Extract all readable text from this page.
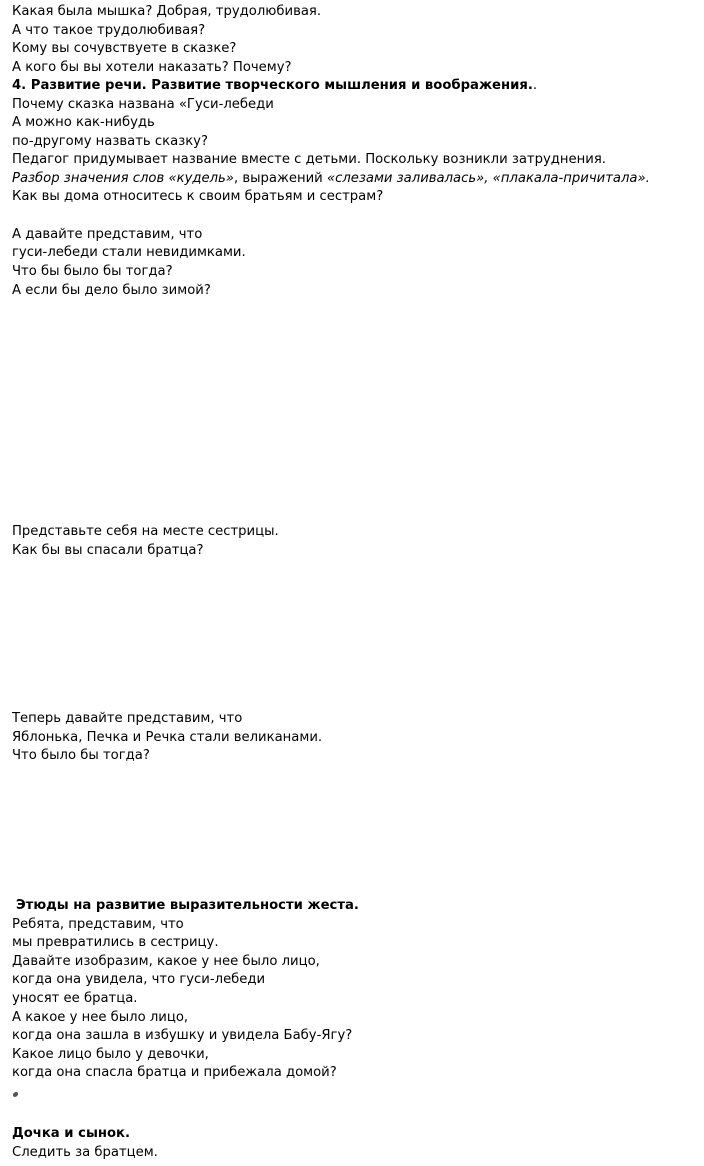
Какая была мышка? Добрая, трудолюбивая.
А что такое трудолюбивая?
Кому вы сочувствуете в сказке?
А кого бы вы хотели наказать? Почему?
4. Развитие речи. Развитие творческого мышления и воображения..
Почему сказка названа «Гуси-лебеди
А можно как-нибудь
по-другому назвать сказку?
Педагог придумывает название вместе с детьми. Поскольку возникли затруднения.
Разбор значения слов «кудель», выражений «слезами заливалась», «плакала-причитала».
Как вы дома относитесь к своим братьям и сестрам?
А давайте представим, что
гуси-лебеди стали невидимками.
Что бы было бы тогда?
А если бы дело было зимой?
Представьте себя на месте сестрицы.
Как бы вы спасали братца?
Теперь давайте представим, что
Яблонька, Печка и Речка стали великанами.
Что было бы тогда?
Этюды на развитие выразительности жеста.
Ребята, представим, что
мы превратились в сестрицу.
Давайте изобразим, какое у нее было лицо,
когда она увидела, что гуси-лебеди
уносят ее братца.
А какое у нее было лицо,
когда она зашла в избушку и увидела Бабу-Ягу?
Какое лицо было у девочки,
когда она спасла братца и прибежала домой?
Дочка и сынок.
Следить за братцем.
